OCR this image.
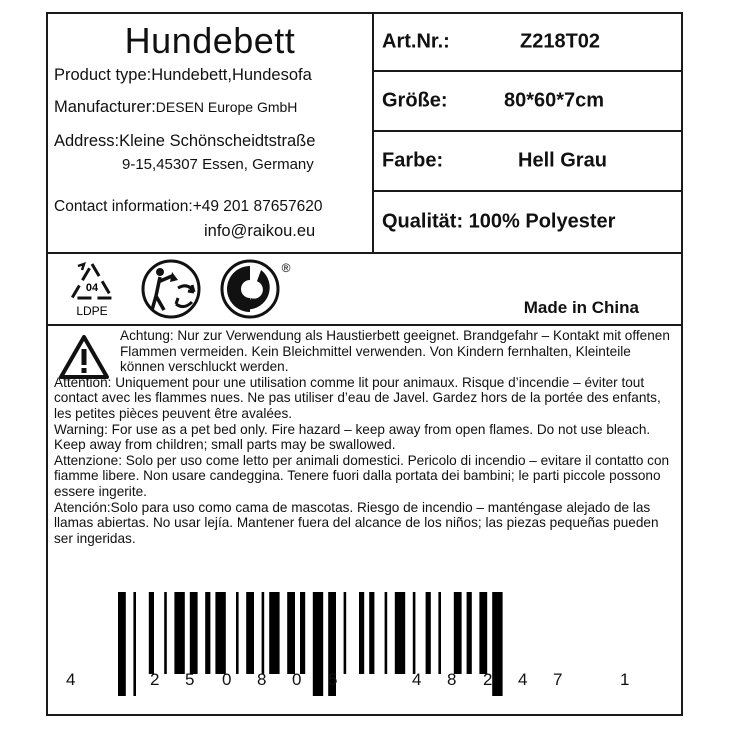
Hundebett
Product type:Hundebett,Hundesofa
Manufacturer:DESEN Europe GmbH
Address:Kleine Schönscheidtstraße
9-15,45307 Essen, Germany
Contact information:+49 201 87657620
info@raikou.eu
Art.Nr.:	Z218T02
Größe:	80*60*7cm
Farbe:	Hell Grau
Qualität: 100% Polyester
04
LDPE
®
Made in China

Achtung: Nur zur Verwendung als Haustierbett geeignet. Brandgefahr – Kontakt mit offenen Flammen vermeiden. Kein Bleichmittel verwenden. Von Kindern fernhalten, Kleinteile können verschluckt werden.

Attention: Uniquement pour une utilisation comme lit pour animaux. Risque d’incendie – éviter tout contact avec les flammes nues. Ne pas utiliser d’eau de Javel. Gardez hors de la portée des enfants, les petites pièces peuvent être avalées.

Warning: For use as a pet bed only. Fire hazard – keep away from open flames. Do not use bleach. Keep away from children; small parts may be swallowed.

Attenzione: Solo per uso come letto per animali domestici. Pericolo di incendio – evitare il contatto con fiamme libere. Non usare candeggina. Tenere fuori dalla portata dei bambini; le parti piccole possono essere ingerite.

Atención:Solo para uso como cama de mascotas. Riesgo de incendio – manténgase alejado de las llamas abiertas. No usar lejía. Mantener fuera del alcance de los niños; las piezas pequeñas pueden ser ingeridas.

4	2 5 0 8 0 5	4 8 2 4 7	1
